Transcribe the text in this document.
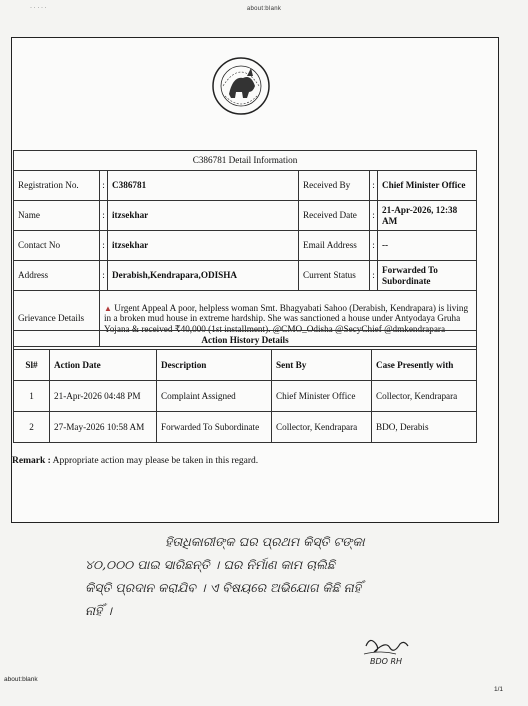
· · · · ·	about:blank
C386781 Detail Information					
Registration No.	:	C386781	Received By	:	Chief Minister Office
Name	:	itzsekhar	Received Date	:	21-Apr-2026, 12:38 AM
Contact No	:	itzsekhar	Email Address	:	--
Address	:	Derabish,Kendrapara,ODISHA	Current Status	:	Forwarded To Subordinate
Grievance Details	▲ Urgent Appeal A poor, helpless woman Smt. Bhagyabati Sahoo (Derabish, Kendrapara) is living in a broken mud house in extreme hardship. She was sanctioned a house under Antyodaya Gruha Yojana & received ₹40,000 (1st installment). @CMO_Odisha @SecyChief @dmkendrapara				
Action History Details				
Sl#	Action Date	Description	Sent By	Case Presently with
1	21-Apr-2026 04:48 PM	Complaint Assigned	Chief Minister Office	Collector, Kendrapara
2	27-May-2026 10:58 AM	Forwarded To Subordinate	Collector, Kendrapara	BDO, Derabis
Remark : Appropriate action may please be taken in this regard.
ହିତାଧିକାରୀଙ୍କ ଘର ପ୍ରଥମ କିସ୍ତି ଟଙ୍କା
୪୦,୦୦୦ ପାଇ ସାରିଛନ୍ତି । ଘର ନିର୍ମାଣ କାମ ଚାଲିଛି
କିସ୍ତି ପ୍ରଦାନ କରାଯିବ । ଏ ବିଷୟରେ ଅଭିଯୋଗ କିଛି ନାହିଁ
ନାହିଁ ।
BDO RH
about:blank
1/1
